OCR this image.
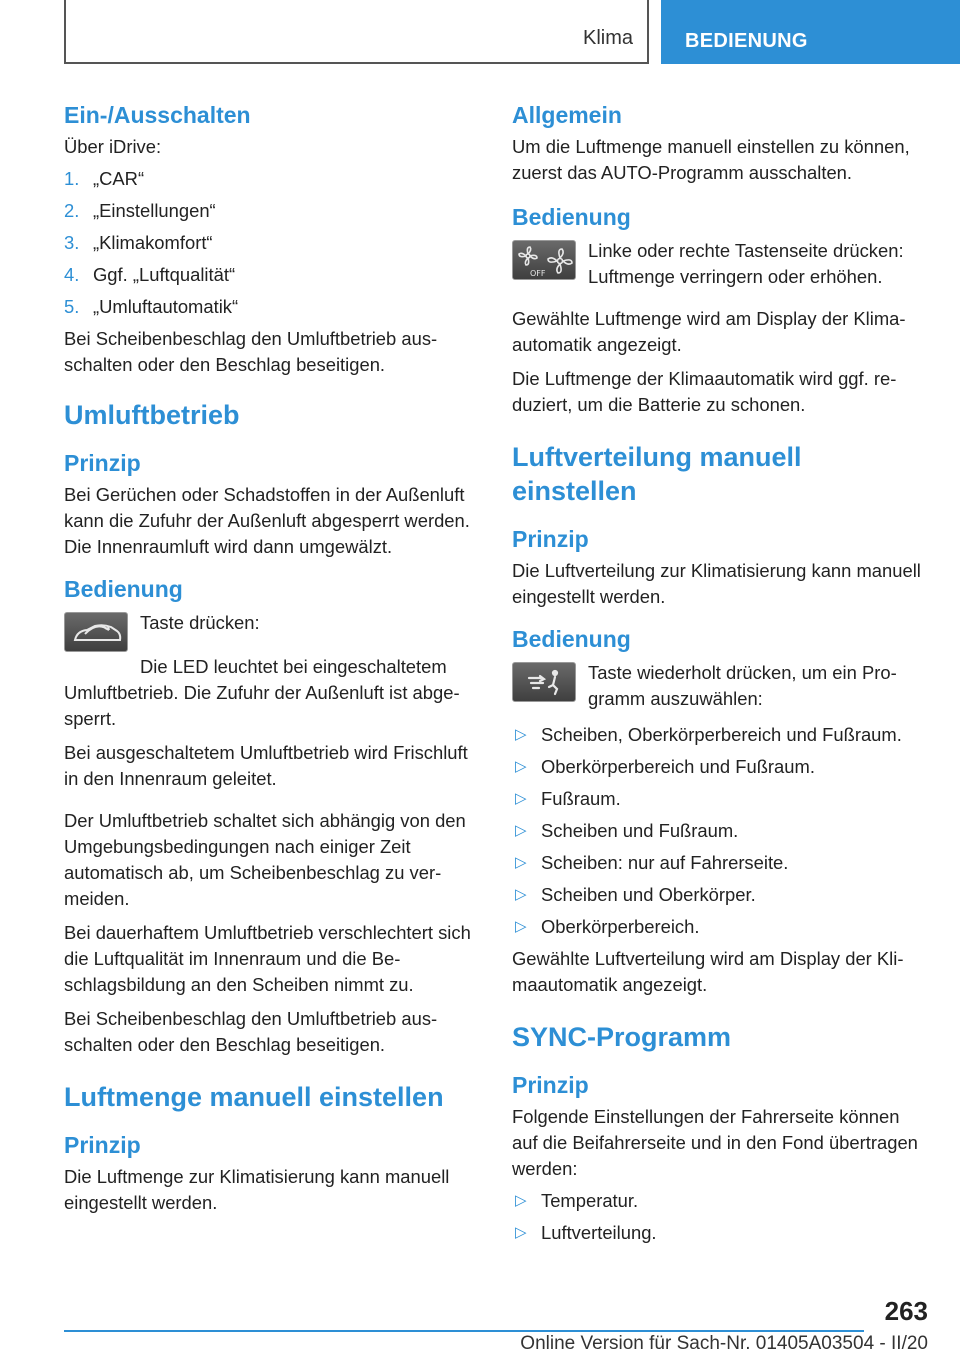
Klima	BEDIENUNG
Ein-/Ausschalten
Über iDrive:
1. „CAR“
2. „Einstellungen“
3. „Klimakomfort“
4. Ggf. „Luftqualität“
5. „Umluftautomatik“
Bei Scheibenbeschlag den Umluftbetrieb ausschalten oder den Beschlag beseitigen.
Umluftbetrieb
Prinzip
Bei Gerüchen oder Schadstoffen in der Außenluft kann die Zufuhr der Außenluft abgesperrt werden. Die Innenraumluft wird dann umgewälzt.
Bedienung
Taste drücken:
Die LED leuchtet bei eingeschaltetem Umluftbetrieb. Die Zufuhr der Außenluft ist abgesperrt.
Bei ausgeschaltetem Umluftbetrieb wird Frischluft in den Innenraum geleitet.
Der Umluftbetrieb schaltet sich abhängig von den Umgebungsbedingungen nach einiger Zeit automatisch ab, um Scheibenbeschlag zu vermeiden.
Bei dauerhaftem Umluftbetrieb verschlechtert sich die Luftqualität im Innenraum und die Beschlagsbildung an den Scheiben nimmt zu.
Bei Scheibenbeschlag den Umluftbetrieb ausschalten oder den Beschlag beseitigen.
Luftmenge manuell einstellen
Prinzip
Die Luftmenge zur Klimatisierung kann manuell eingestellt werden.
Allgemein
Um die Luftmenge manuell einstellen zu können, zuerst das AUTO-Programm ausschalten.
Bedienung
OFF
Linke oder rechte Tastenseite drücken: Luftmenge verringern oder erhöhen.
Gewählte Luftmenge wird am Display der Klimaautomatik angezeigt.
Die Luftmenge der Klimaautomatik wird ggf. reduziert, um die Batterie zu schonen.
Luftverteilung manuell einstellen
Prinzip
Die Luftverteilung zur Klimatisierung kann manuell eingestellt werden.
Bedienung
Taste wiederholt drücken, um ein Programm auszuwählen:
▷ Scheiben, Oberkörperbereich und Fußraum.
▷ Oberkörperbereich und Fußraum.
▷ Fußraum.
▷ Scheiben und Fußraum.
▷ Scheiben: nur auf Fahrerseite.
▷ Scheiben und Oberkörper.
▷ Oberkörperbereich.
Gewählte Luftverteilung wird am Display der Klimaautomatik angezeigt.
SYNC-Programm
Prinzip
Folgende Einstellungen der Fahrerseite können auf die Beifahrerseite und in den Fond übertragen werden:
▷ Temperatur.
▷ Luftverteilung.
263
Online Version für Sach-Nr. 01405A03504 - II/20
